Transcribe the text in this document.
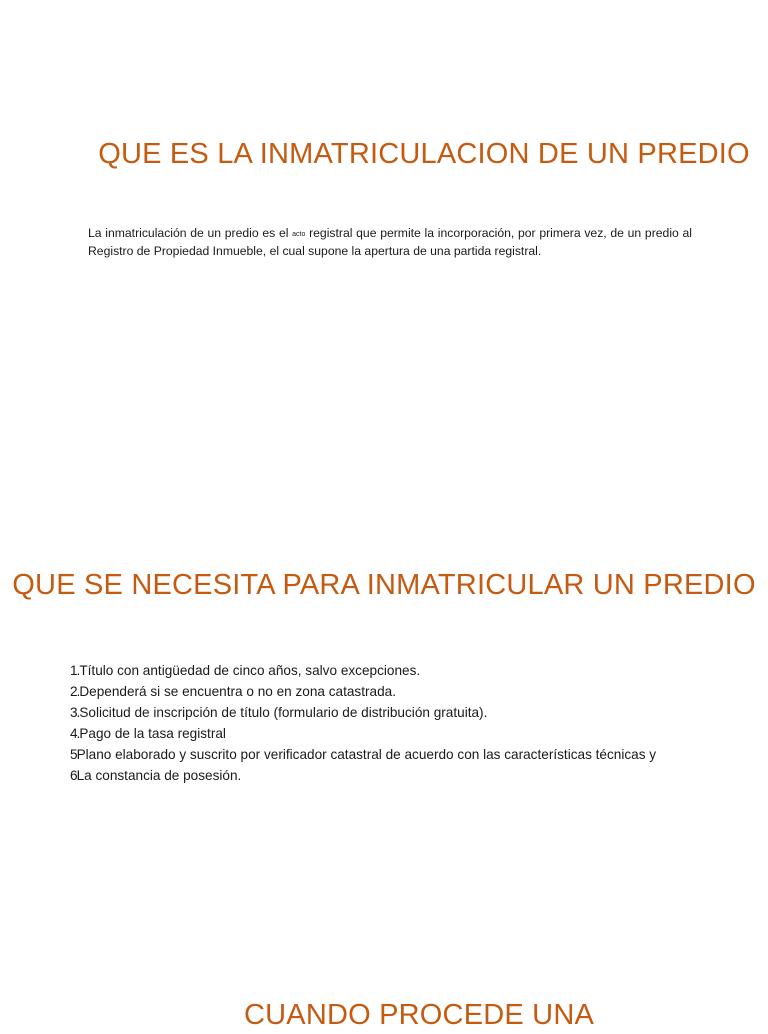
QUE ES LA INMATRICULACION DE UN PREDIO

La inmatriculación de un predio es el acto registral que permite la incorporación, por primera vez, de un predio al Registro de Propiedad Inmueble, el cual supone la apertura de una partida registral.

QUE SE NECESITA PARA INMATRICULAR UN PREDIO
1.Título con antigüedad de cinco años, salvo excepciones.
2.Dependerá si se encuentra o no en zona catastrada.
3.Solicitud de inscripción de título (formulario de distribución gratuita).
4.Pago de la tasa registral
5Plano elaborado y suscrito por verificador catastral de acuerdo con las características técnicas y
6La constancia de posesión.
CUANDO PROCEDE UNA
